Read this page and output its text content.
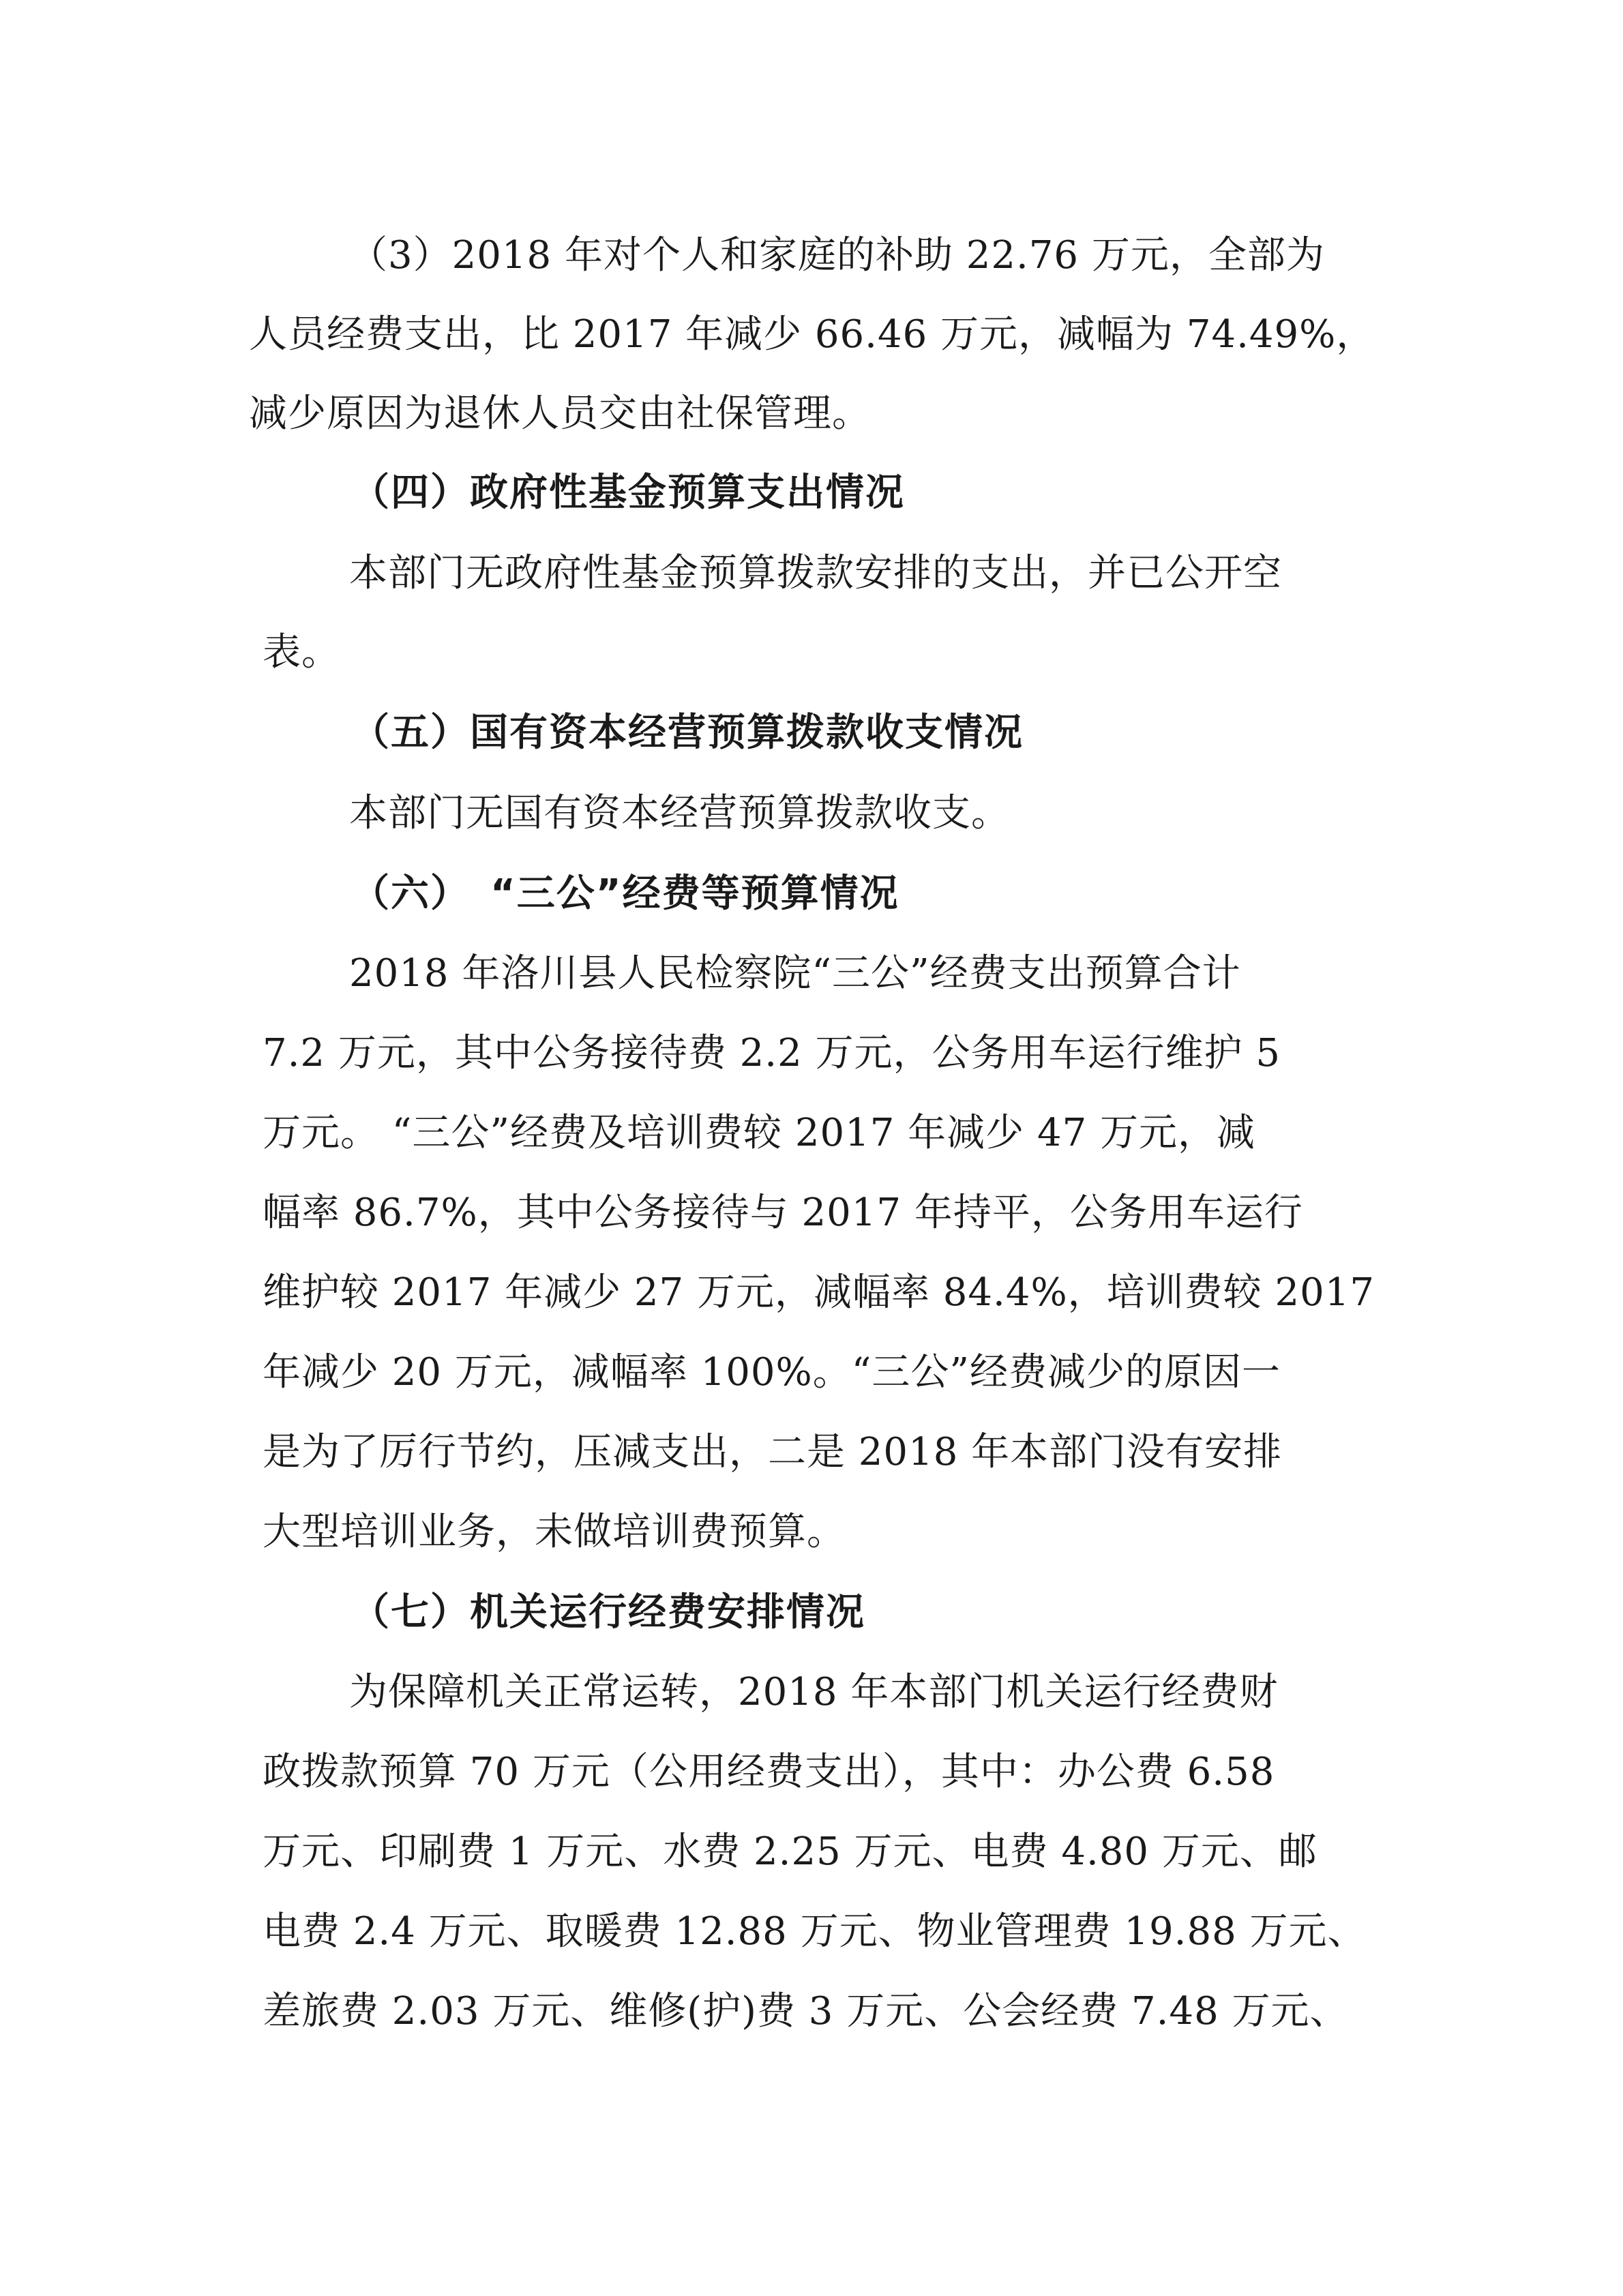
（3）2018 年对个人和家庭的补助 22.76 万元，全部为
人员经费支出，比 2017 年减少 66.46 万元，减幅为 74.49%，
减少原因为退休人员交由社保管理。
（四）政府性基金预算支出情况
本部门无政府性基金预算拨款安排的支出，并已公开空
表。
（五）国有资本经营预算拨款收支情况
本部门无国有资本经营预算拨款收支。
（六）　“三公”经费等预算情况
2018 年洛川县人民检察院“三公”经费支出预算合计
7.2 万元，其中公务接待费 2.2 万元，公务用车运行维护 5
万元。 “三公”经费及培训费较 2017 年减少 47 万元，减
幅率 86.7%，其中公务接待与 2017 年持平，公务用车运行
维护较 2017 年减少 27 万元，减幅率 84.4%，培训费较 2017
年减少 20 万元，减幅率 100%。“三公”经费减少的原因一
是为了厉行节约，压减支出，二是 2018 年本部门没有安排
大型培训业务，未做培训费预算。
（七）机关运行经费安排情况
为保障机关正常运转，2018 年本部门机关运行经费财
政拨款预算 70 万元（公用经费支出），其中：办公费 6.58
万元、印刷费 1 万元、水费 2.25 万元、电费 4.80 万元、邮
电费 2.4 万元、取暖费 12.88 万元、物业管理费 19.88 万元、
差旅费 2.03 万元、维修(护)费 3 万元、公会经费 7.48 万元、
